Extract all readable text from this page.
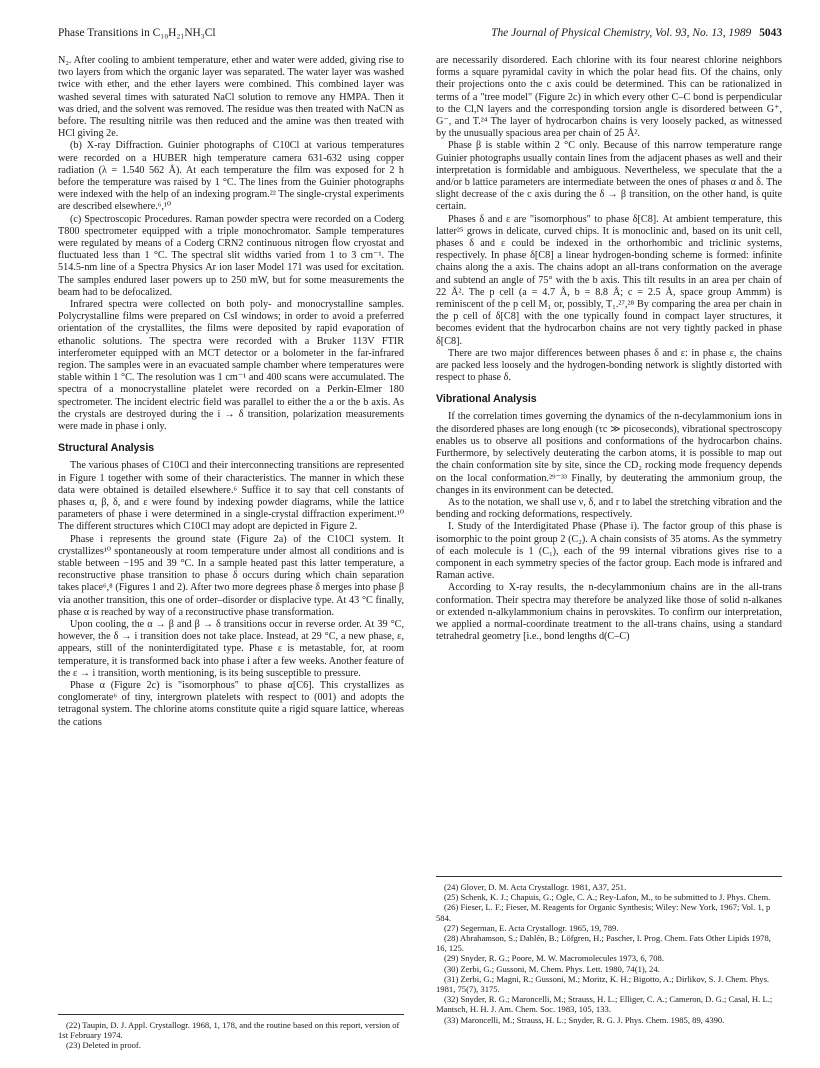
Phase Transitions in C₁₀H₂₁NH₃Cl	The Journal of Physical Chemistry, Vol. 93, No. 13, 1989 5043

N₂. After cooling to ambient temperature, ether and water were added, giving rise to two layers from which the organic layer was separated. The water layer was washed twice with ether, and the ether layers were combined. This combined layer was washed several times with saturated NaCl solution to remove any HMPA. Then it was dried, and the solvent was removed. The residue was then treated with NaCN as before. The resulting nitrile was then reduced and the amine was then treated with HCl giving 2e.

(b) X-ray Diffraction. Guinier photographs of C10Cl at various temperatures were recorded on a HUBER high temperature camera 631-632 using copper radiation (λ = 1.540 562 Å). At each temperature the film was exposed for 2 h before the temperature was raised by 1 °C. The lines from the Guinier photographs were indexed with the help of an indexing program.²² The single-crystal experiments are described elsewhere.⁶,¹⁰

(c) Spectroscopic Procedures. Raman powder spectra were recorded on a Coderg T800 spectrometer equipped with a triple monochromator. Sample temperatures were regulated by means of a Coderg CRN2 continuous nitrogen flow cryostat and fluctuated less than 1 °C. The spectral slit widths varied from 1 to 3 cm⁻¹. The 514.5-nm line of a Spectra Physics Ar ion laser Model 171 was used for excitation. The samples endured laser powers up to 250 mW, but for some measurements the beam had to be defocalized.

Infrared spectra were collected on both poly- and monocrystalline samples. Polycrystalline films were prepared on CsI windows; in order to avoid a preferred orientation of the crystallites, the films were deposited by rapid evaporation of ethanolic solutions. The spectra were recorded with a Bruker 113V FTIR interferometer equipped with an MCT detector or a bolometer in the far-infrared region. The samples were in an evacuated sample chamber where temperatures were stable within 1 °C. The resolution was 1 cm⁻¹ and 400 scans were accumulated. The spectra of a monocrystalline platelet were recorded on a Perkin-Elmer 180 spectrometer. The incident electric field was parallel to either the a or the b axis. As the crystals are destroyed during the i → δ transition, polarization measurements were made in phase i only.

Structural Analysis

The various phases of C10Cl and their interconnecting transitions are represented in Figure 1 together with some of their characteristics. The manner in which these data were obtained is detailed elsewhere.⁶ Suffice it to say that cell constants of phases α, β, δ, and ε were found by indexing powder diagrams, while the lattice parameters of phase i were determined in a single-crystal diffraction experiment.¹⁰ The different structures which C10Cl may adopt are depicted in Figure 2.

Phase i represents the ground state (Figure 2a) of the C10Cl system. It crystallizes¹⁰ spontaneously at room temperature under almost all conditions and is stable between −195 and 39 °C. In a sample heated past this latter temperature, a reconstructive phase transition to phase δ occurs during which chain separation takes place⁶,⁸ (Figures 1 and 2). After two more degrees phase δ merges into phase β via another transition, this one of order–disorder or displacive type. At 43 °C finally, phase α is reached by way of a reconstructive phase transformation.

Upon cooling, the α → β and β → δ transitions occur in reverse order. At 39 °C, however, the δ → i transition does not take place. Instead, at 29 °C, a new phase, ε, appears, still of the noninterdigitated type. Phase ε is metastable, for, at room temperature, it is transformed back into phase i after a few weeks. Another feature of the ε → i transition, worth mentioning, is its being susceptible to pressure.

Phase α (Figure 2c) is "isomorphous" to phase α[C6]. This crystallizes as conglomerate⁶ of tiny, intergrown platelets with respect to (001) and adopts the tetragonal system. The chlorine atoms constitute quite a rigid square lattice, whereas the cations

(22) Taupin, D. J. Appl. Crystallogr. 1968, 1, 178, and the routine based on this report, version of 1st February 1974.

(23) Deleted in proof.

are necessarily disordered. Each chlorine with its four nearest chlorine neighbors forms a square pyramidal cavity in which the polar head fits. Of the chains, only their projections onto the c axis could be determined. This can be rationalized in terms of a "tree model" (Figure 2c) in which every other C–C bond is perpendicular to the Cl,N layers and the corresponding torsion angle is disordered between G⁺, G⁻, and T.²⁴ The layer of hydrocarbon chains is very loosely packed, as witnessed by the unusually spacious area per chain of 25 Å².

Phase β is stable within 2 °C only. Because of this narrow temperature range Guinier photographs usually contain lines from the adjacent phases as well and their interpretation is formidable and ambiguous. Nevertheless, we speculate that the a and/or b lattice parameters are intermediate between the ones of phases α and δ. The slight decrease of the c axis during the δ → β transition, on the other hand, is quite certain.

Phases δ and ε are "isomorphous" to phase δ[C8]. At ambient temperature, this latter²⁵ grows in delicate, curved chips. It is monoclinic and, based on its unit cell, phases δ and ε could be indexed in the orthorhombic and triclinic systems, respectively. In phase δ[C8] a linear hydrogen-bonding scheme is formed: infinite chains along the a axis. The chains adopt an all-trans conformation on the average and subtend an angle of 75° with the b axis. This tilt results in an area per chain of 22 Å². The p cell (a = 4.7 Å, b = 8.8 Å; c = 2.5 Å, space group Ammm) is reminiscent of the p cell M₁ or, possibly, T₁.²⁷,²⁸ By comparing the area per chain in the p cell of δ[C8] with the one typically found in compact layer structures, it becomes evident that the hydrocarbon chains are not very tightly packed in phase δ[C8].

There are two major differences between phases δ and ε: in phase ε, the chains are packed less loosely and the hydrogen-bonding network is slightly distorted with respect to phase δ.

Vibrational Analysis

If the correlation times governing the dynamics of the n-decylammonium ions in the disordered phases are long enough (τc ≫ picoseconds), vibrational spectroscopy enables us to observe all positions and conformations of the hydrocarbon chains. Furthermore, by selectively deuterating the carbon atoms, it is possible to map out the chain conformation site by site, since the CD₂ rocking mode frequency depends on the local conformation.²⁹⁻³³ Finally, by deuterating the ammonium group, the changes in its environment can be detected.

As to the notation, we shall use ν, δ, and r to label the stretching vibration and the bending and rocking deformations, respectively.

I. Study of the Interdigitated Phase (Phase i). The factor group of this phase is isomorphic to the point group 2 (C₂). A chain consists of 35 atoms. As the symmetry of each molecule is 1 (C₁), each of the 99 internal vibrations gives rise to a component in each symmetry species of the factor group. Each mode is infrared and Raman active.

According to X-ray results, the n-decylammonium chains are in the all-trans conformation. Their spectra may therefore be analyzed like those of solid n-alkanes or extended n-alkylammonium chains in perovskites. To confirm our interpretation, we applied a normal-coordinate treatment to the all-trans chains, using a standard tetrahedral geometry [i.e., bond lengths d(C–C)

(24) Glover, D. M. Acta Crystallogr. 1981, A37, 251.

(25) Schenk, K. J.; Chapuis, G.; Ogle, C. A.; Rey-Lafon, M., to be submitted to J. Phys. Chem.

(26) Fieser, L. F.; Fieser, M. Reagents for Organic Synthesis; Wiley: New York, 1967; Vol. 1, p 584.

(27) Segerman, E. Acta Crystallogr. 1965, 19, 789.

(28) Abrahamson, S.; Dahlén, B.; Löfgren, H.; Pascher, I. Prog. Chem. Fats Other Lipids 1978, 16, 125.

(29) Snyder, R. G.; Poore, M. W. Macromolecules 1973, 6, 708.

(30) Zerbi, G.; Gussoni, M. Chem. Phys. Lett. 1980, 74(1), 24.

(31) Zerbi, G.; Magni, R.; Gussoni, M.; Moritz, K. H.; Bigotto, A.; Dirlikov, S. J. Chem. Phys. 1981, 75(7), 3175.

(32) Snyder, R. G.; Maroncelli, M.; Strauss, H. L.; Elliger, C. A.; Cameron, D. G.; Casal, H. L.; Mantsch, H. H. J. Am. Chem. Soc. 1983, 105, 133.

(33) Maroncelli, M.; Strauss, H. L.; Snyder, R. G. J. Phys. Chem. 1985, 89, 4390.
